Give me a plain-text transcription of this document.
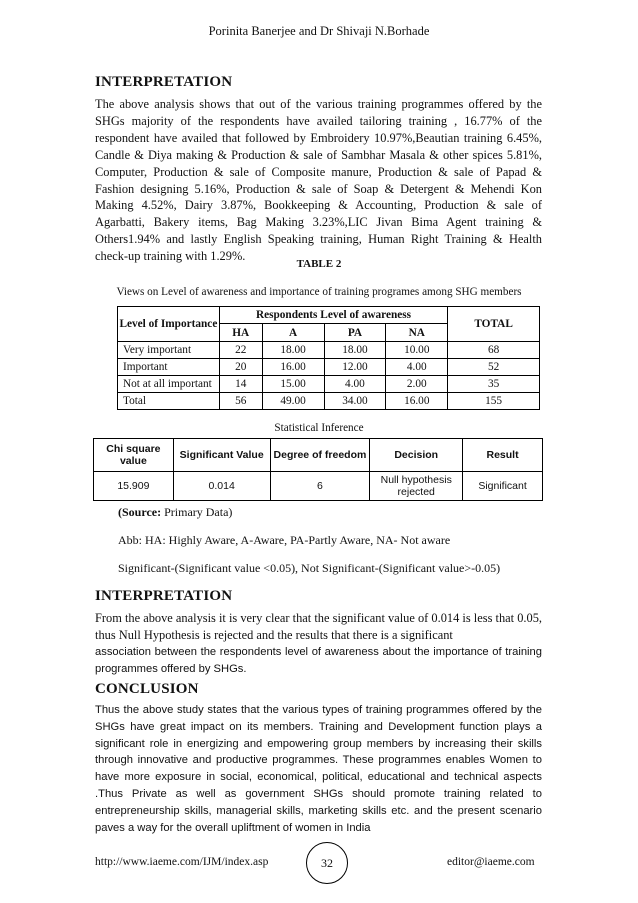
Porinita Banerjee and Dr Shivaji N.Borhade
INTERPRETATION

The above analysis shows that out of the various training programmes offered by the SHGs majority of the respondents have availed tailoring training , 16.77% of the respondent have availed that followed by Embroidery 10.97%,Beautian training 6.45%, Candle & Diya making & Production & sale of Sambhar Masala & other spices 5.81%, Computer, Production & sale of Composite manure, Production & sale of Papad & Fashion designing 5.16%, Production & sale of Soap & Detergent & Mehendi Kon Making 4.52%, Dairy 3.87%, Bookkeeping & Accounting, Production & sale of Agarbatti, Bakery items, Bag Making 3.23%,LIC Jivan Bima Agent training & Others1.94% and lastly English Speaking training, Human Right Training & Health check-up training with 1.29%.

TABLE 2
Views on Level of awareness and importance of training programes among SHG members
Level of Importance	Respondents Level of awareness				TOTAL
	HA	A	PA	NA	
Very important	22	18.00	18.00	10.00	68
Important	20	16.00	12.00	4.00	52
Not at all important	14	15.00	4.00	2.00	35
Total	56	49.00	34.00	16.00	155
Statistical Inference
Chi square value	Significant Value	Degree of freedom	Decision	Result
15.909	0.014	6	Null hypothesis rejected	Significant
(Source: Primary Data)
Abb: HA: Highly Aware, A-Aware, PA-Partly Aware, NA- Not aware
Significant-(Significant value <0.05), Not Significant-(Significant value>-0.05)
INTERPRETATION

From the above analysis it is very clear that the significant value of 0.014 is less that 0.05, thus Null Hypothesis is rejected and the results that there is a significant

association between the respondents level of awareness about the importance of training programmes offered by SHGs.

CONCLUSION

Thus the above study states that the various types of training programmes offered by the SHGs have great impact on its members. Training and Development function plays a significant role in energizing and empowering group members by increasing their skills through innovative and productive programmes. These programmes enables Women to have more exposure in social, economical, political, educational and technical aspects .Thus Private as well as government SHGs should promote training related to entrepreneurship skills, managerial skills, marketing skills etc. and the present scenario paves a way for the overall upliftment of women in India

http://www.iaeme.com/IJM/index.asp	32	editor@iaeme.com
